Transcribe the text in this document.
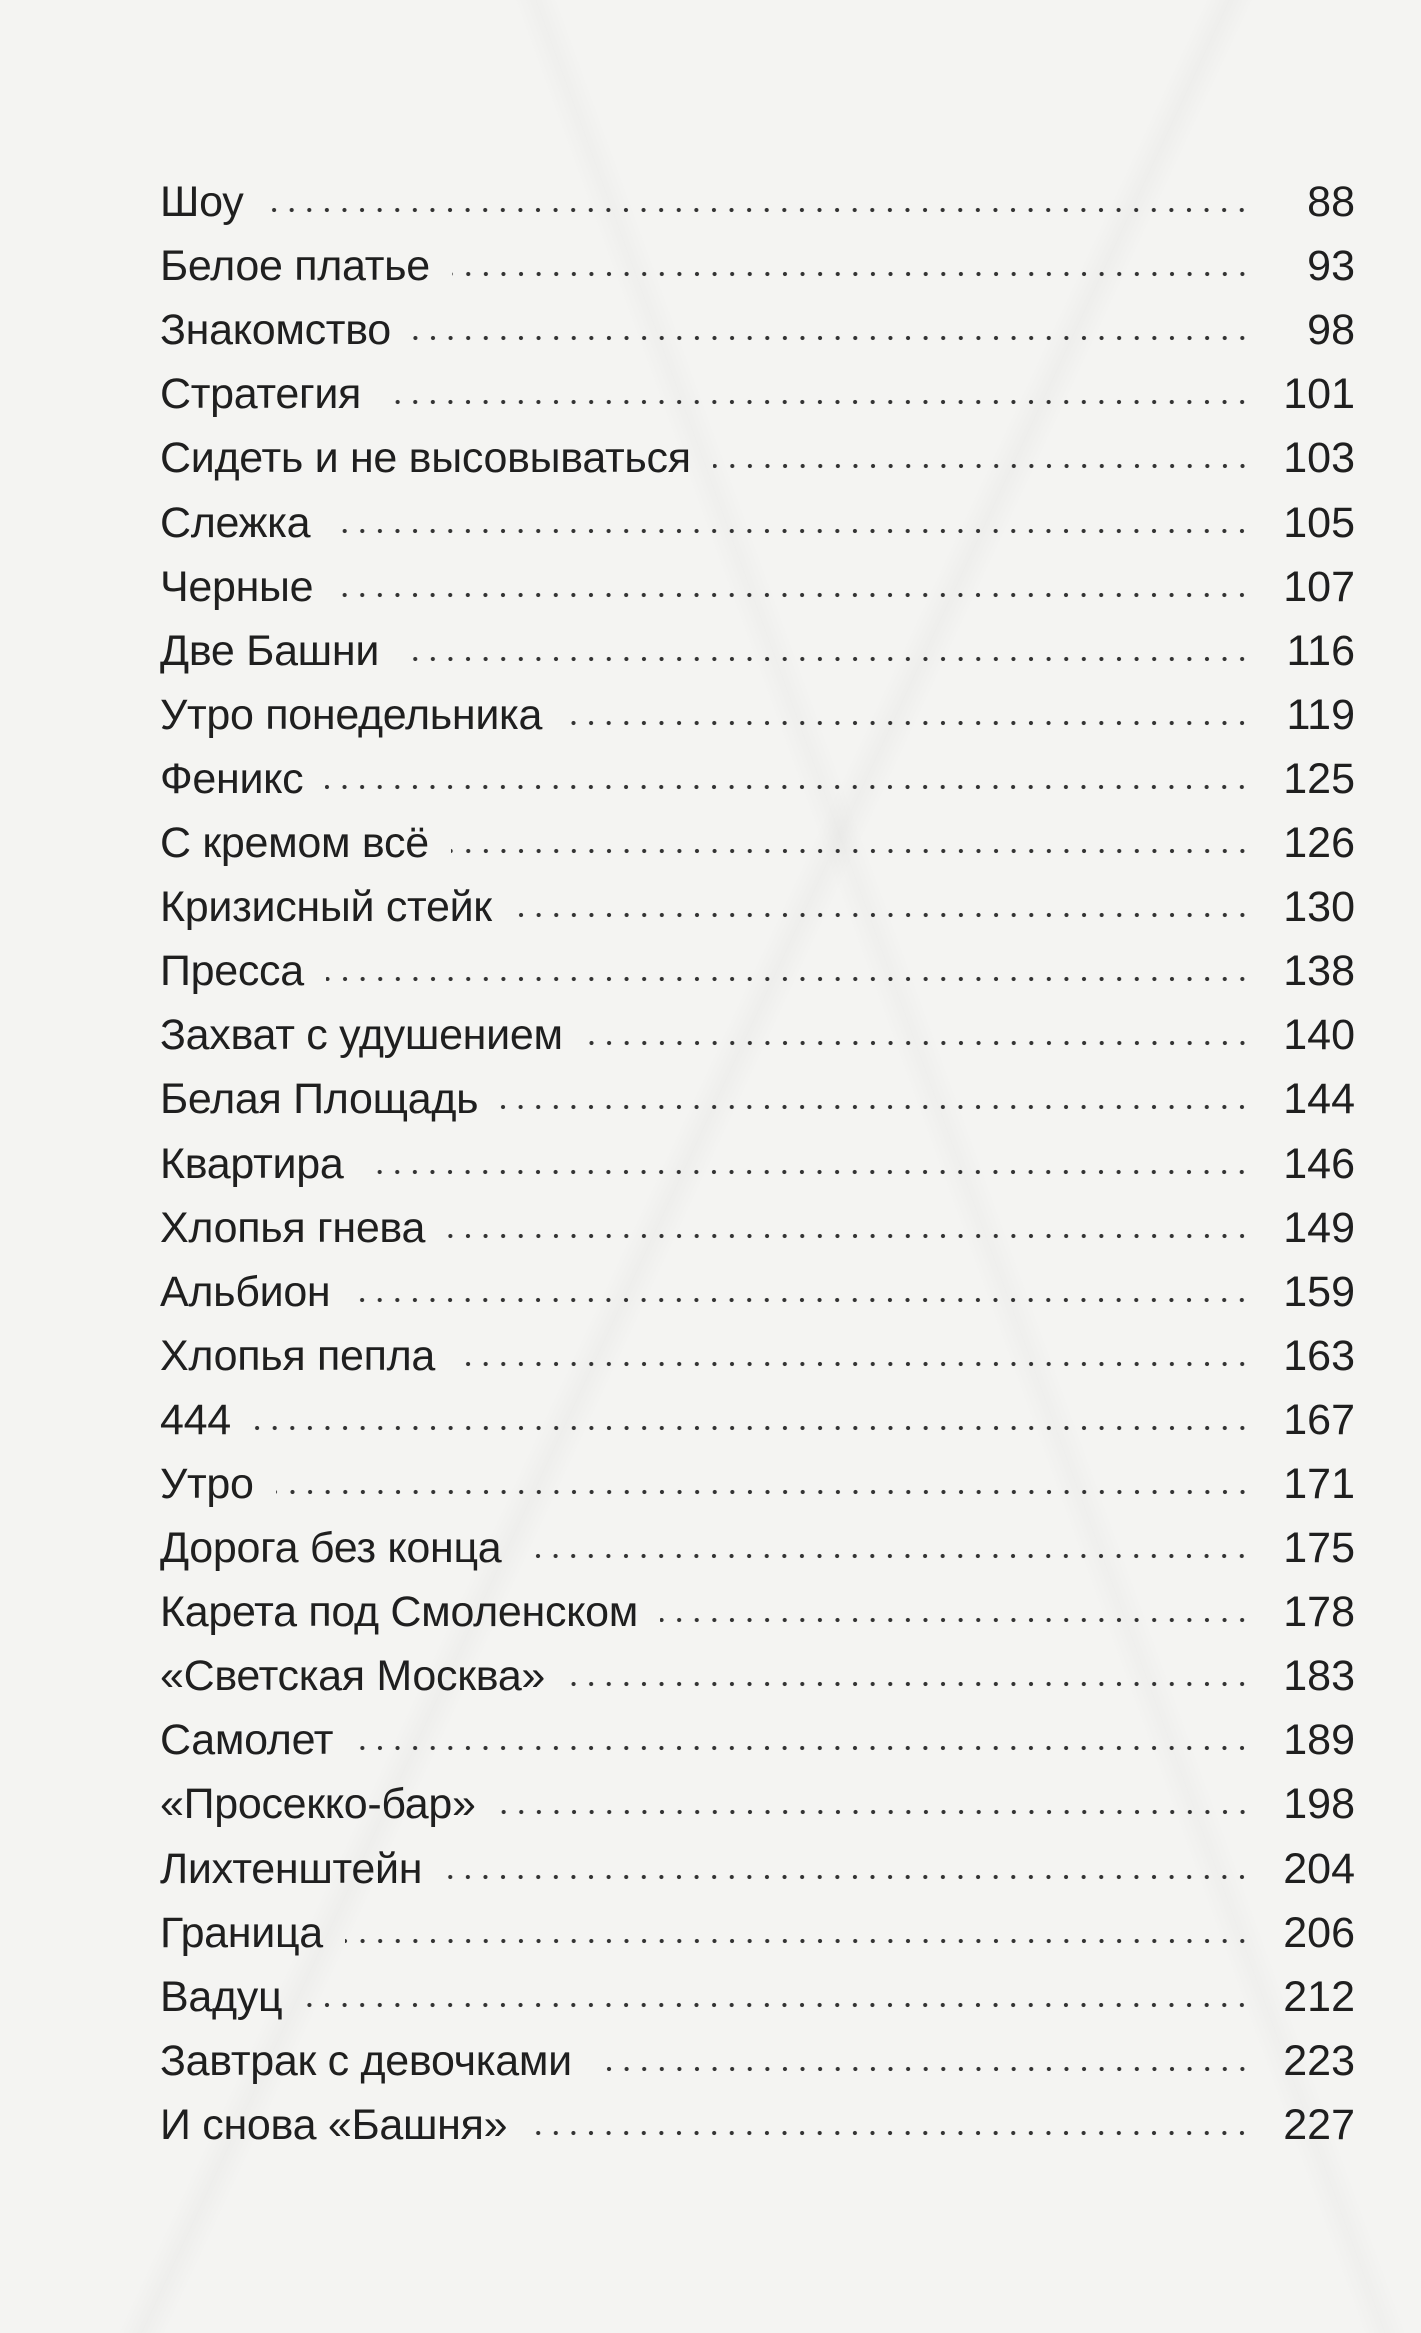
Шоу	88
Белое платье	93
Знакомство	98
Стратегия	101
Сидеть и не высовываться	103
Слежка	105
Черные	107
Две Башни	116
Утро понедельника	119
Феникс	125
С кремом всё	126
Кризисный стейк	130
Пресса	138
Захват с удушением	140
Белая Площадь	144
Квартира	146
Хлопья гнева	149
Альбион	159
Хлопья пепла	163
444	167
Утро	171
Дорога без конца	175
Карета под Смоленском	178
«Светская Москва»	183
Самолет	189
«Просекко-бар»	198
Лихтенштейн	204
Граница	206
Вадуц	212
Завтрак с девочками	223
И снова «Башня»	227
